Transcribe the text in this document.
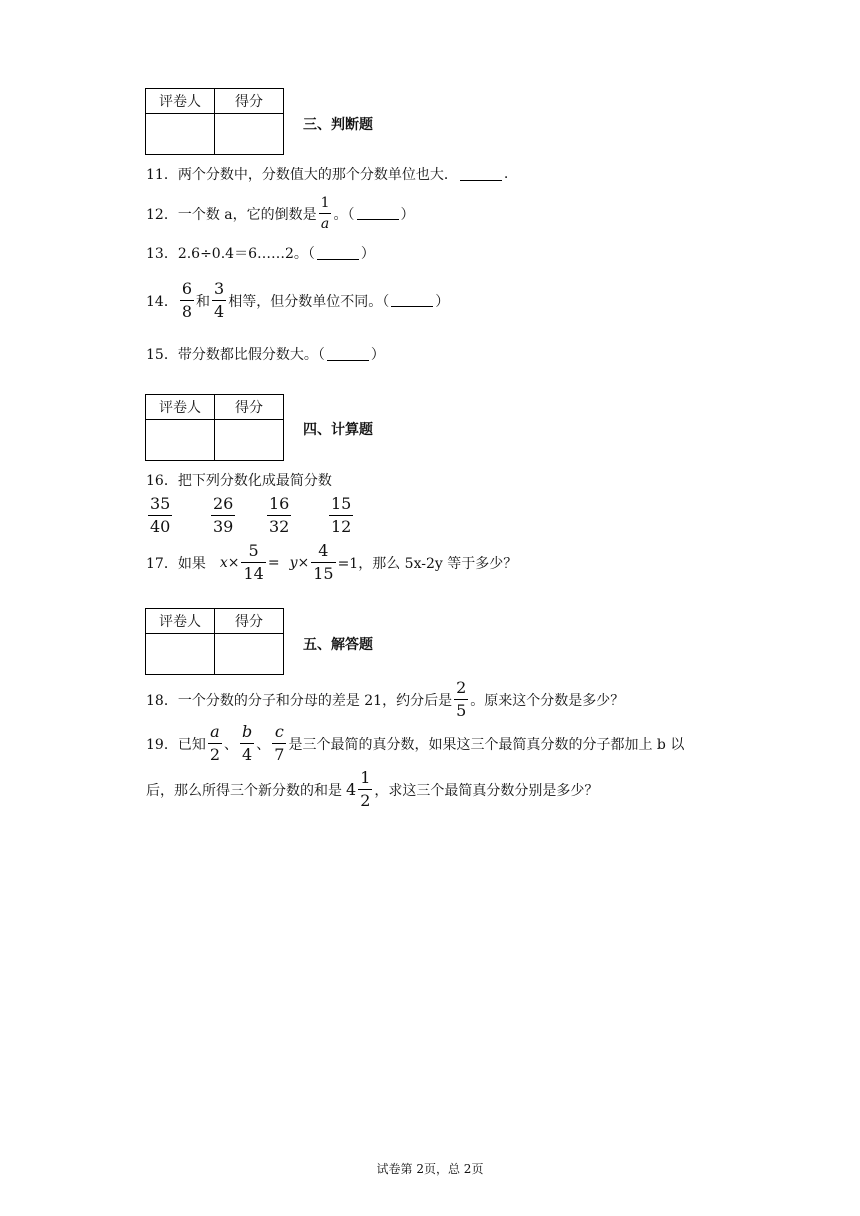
评卷人	得分

三、判断题
11．两个分数中，分数值大的那个分数单位也大．	.
12．一个数 a，它的倒数是 $\frac{1}{a}$ 。（	）
13．2.6÷0.4＝6……2。（	）
14． $\frac{6}{8}$ 和 $\frac{3}{4}$ 相等，但分数单位不同。（	）
15．带分数都比假分数大。（	）
评卷人	得分

四、计算题
16．把下列分数化成最简分数
$\frac{35}{40} \frac{26}{39} \frac{16}{32} \frac{15}{12}$
17．如果 $x \times \frac{5}{14} = y \times \frac{4}{15} =1$，那么 5x-2y 等于多少？
评卷人	得分

五、解答题
18．一个分数的分子和分母的差是 21，约分后是 $\frac{2}{5}$ 。原来这个分数是多少？
19．已知 $\frac{a}{2}$ 、 $\frac{b}{4}$ 、 $\frac{c}{7}$ 是三个最简的真分数，如果这三个最简真分数的分子都加上 b 以
后，那么所得三个新分数的和是 $4 \frac{1}{2}$ ，求这三个最简真分数分别是多少？
试卷第 2页，总 2页
